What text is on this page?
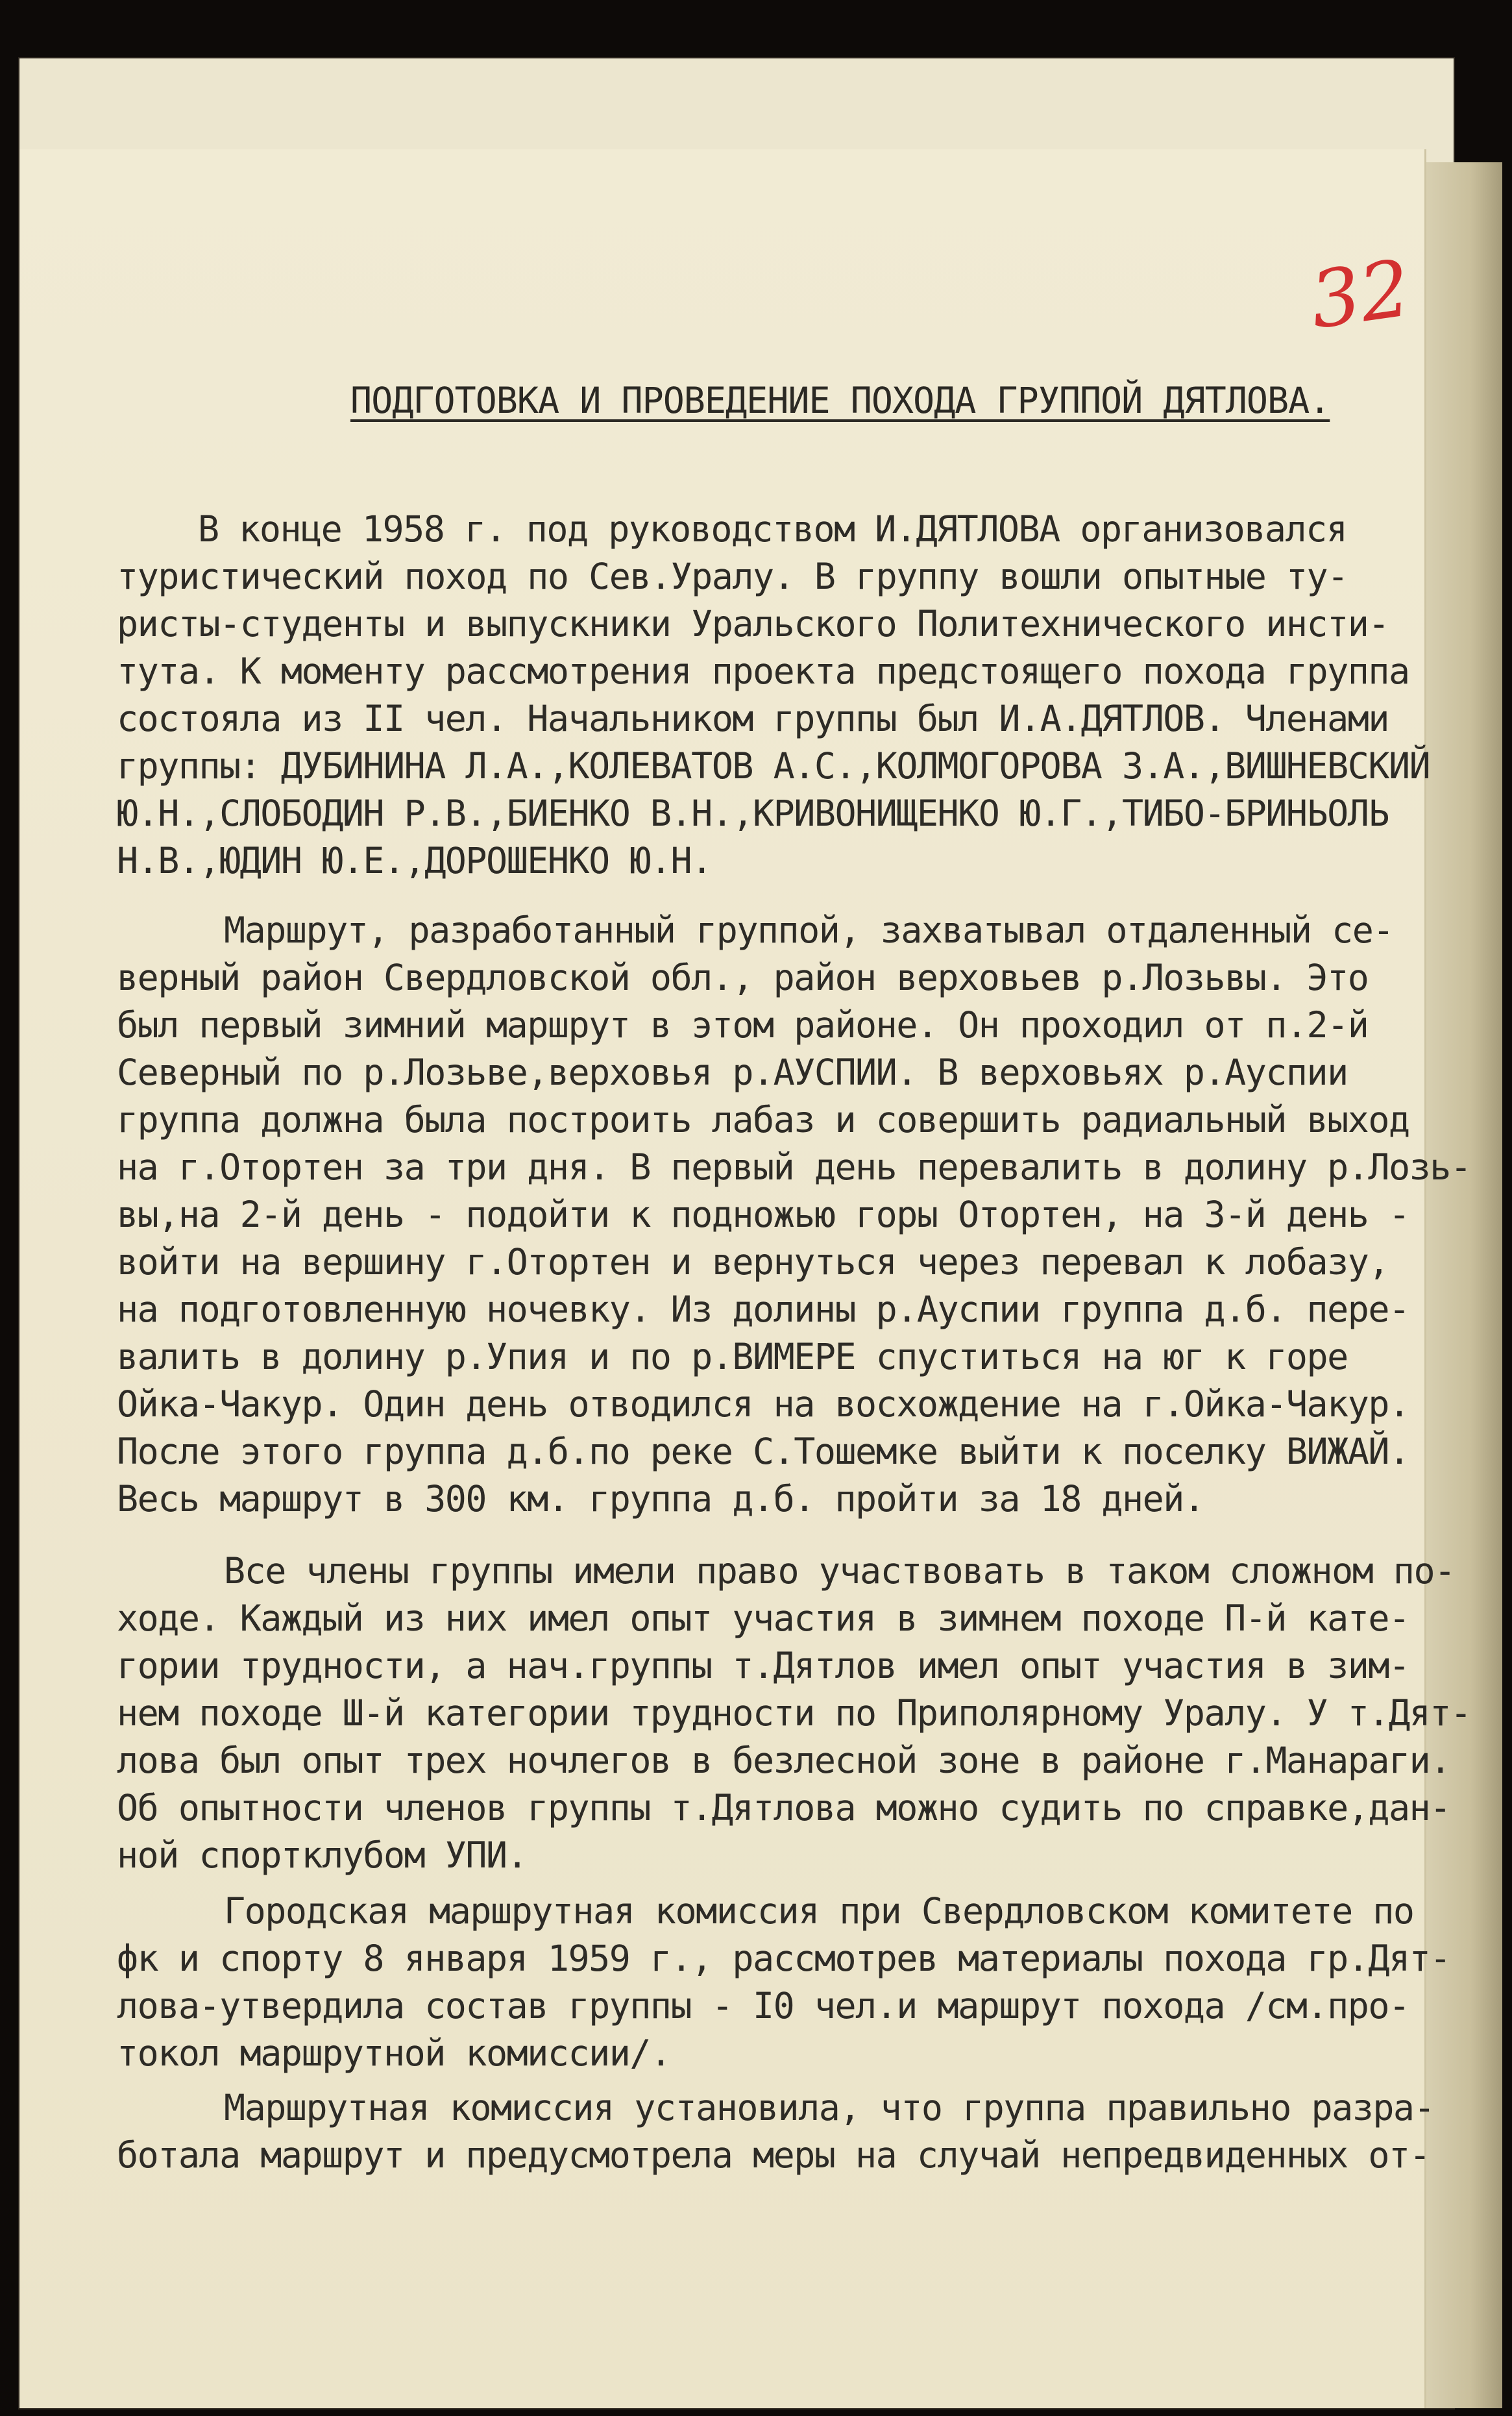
32
ПОДГОТОВКА И ПРОВЕДЕНИЕ ПОХОДА ГРУППОЙ ДЯТЛОВА.
В конце 1958 г. под руководством И.ДЯТЛОВА организовался
туристический поход по Сев.Уралу. В группу вошли опытные ту-
ристы-студенты и выпускники Уральского Политехнического инсти-
тута. К моменту рассмотрения проекта предстоящего похода группа
состояла из II чел. Начальником группы был И.А.ДЯТЛОВ. Членами
группы: ДУБИНИНА Л.А.,КОЛЕВАТОВ А.С.,КОЛМОГОРОВА З.А.,ВИШНЕВСКИЙ
Ю.Н.,СЛОБОДИН Р.В.,БИЕНКО В.Н.,КРИВОНИЩЕНКО Ю.Г.,ТИБО-БРИНЬОЛЬ
Н.В.,ЮДИН Ю.Е.,ДОРОШЕНКО Ю.Н.
Маршрут, разработанный группой, захватывал отдаленный се-
верный район Свердловской обл., район верховьев р.Лозьвы. Это
был первый зимний маршрут в этом районе. Он проходил от п.2-й
Северный по р.Лозьве,верховья р.АУСПИИ. В верховьях р.Ауспии
группа должна была построить лабаз и совершить радиальный выход
на г.Отортен за три дня. В первый день перевалить в долину р.Лозь-
вы,на 2-й день - подойти к подножью горы Отортен, на 3-й день -
войти на вершину г.Отортен и вернуться через перевал к лобазу,
на подготовленную ночевку. Из долины р.Ауспии группа д.б. пере-
валить в долину р.Упия и по р.ВИМЕРЕ спуститься на юг к горе
Ойка-Чакур. Один день отводился на восхождение на г.Ойка-Чакур.
После этого группа д.б.по реке С.Тошемке выйти к поселку ВИЖАЙ.
Весь маршрут в 300 км. группа д.б. пройти за 18 дней.
Все члены группы имели право участвовать в таком сложном по-
ходе. Каждый из них имел опыт участия в зимнем походе П-й кате-
гории трудности, а нач.группы т.Дятлов имел опыт участия в зим-
нем походе Ш-й категории трудности по Приполярному Уралу. У т.Дят-
лова был опыт трех ночлегов в безлесной зоне в районе г.Манараги.
Об опытности членов группы т.Дятлова можно судить по справке,дан-
ной спортклубом УПИ.
Городская маршрутная комиссия при Свердловском комитете по
фк и спорту 8 января 1959 г., рассмотрев материалы похода гр.Дят-
лова-утвердила состав группы - I0 чел.и маршрут похода /см.про-
токол маршрутной комиссии/.
Маршрутная комиссия установила, что группа правильно разра-
ботала маршрут и предусмотрела меры на случай непредвиденных от-
